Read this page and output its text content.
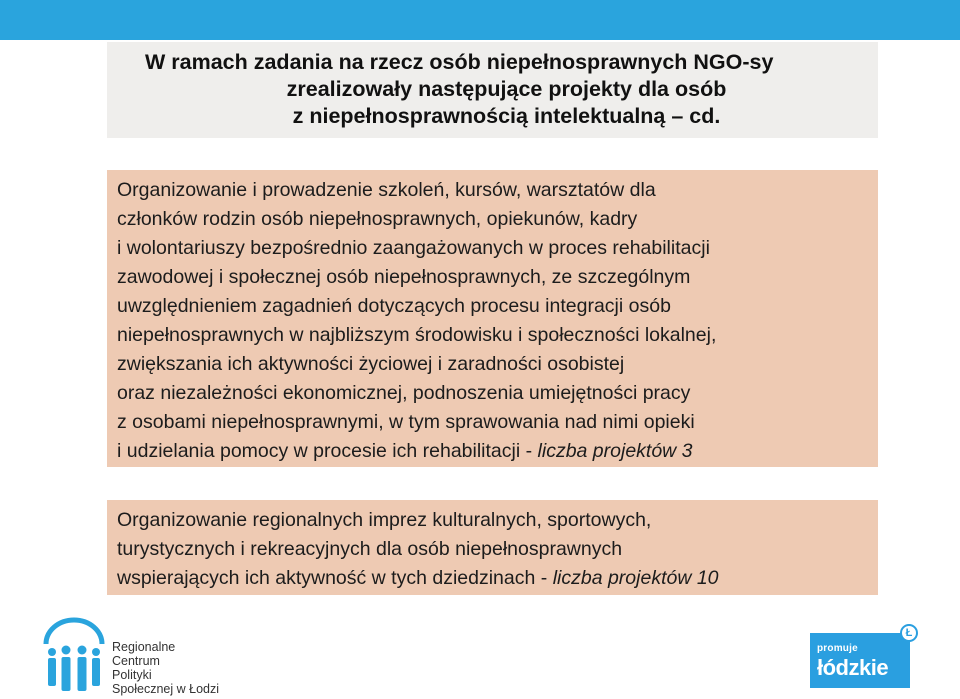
W ramach zadania na rzecz osób niepełnosprawnych NGO-sy
zrealizowały następujące projekty dla osób
z niepełnosprawnością intelektualną – cd.
Organizowanie i prowadzenie szkoleń, kursów, warsztatów dla
członków rodzin osób niepełnosprawnych, opiekunów, kadry
i wolontariuszy bezpośrednio zaangażowanych w proces rehabilitacji
zawodowej i społecznej osób niepełnosprawnych, ze szczególnym
uwzględnieniem zagadnień dotyczących procesu integracji osób
niepełnosprawnych w najbliższym środowisku i społeczności lokalnej,
zwiększania ich aktywności życiowej i zaradności osobistej
oraz niezależności ekonomicznej, podnoszenia umiejętności pracy
z osobami niepełnosprawnymi, w tym sprawowania nad nimi opieki
i udzielania pomocy w procesie ich rehabilitacji - liczba projektów 3
Organizowanie regionalnych imprez kulturalnych, sportowych,
turystycznych i rekreacyjnych dla osób niepełnosprawnych
wspierających ich aktywność w tych dziedzinach - liczba projektów 10
Regionalne
Centrum
Polityki
Społecznej w Łodzi
promuje
łódzkie
Ł
